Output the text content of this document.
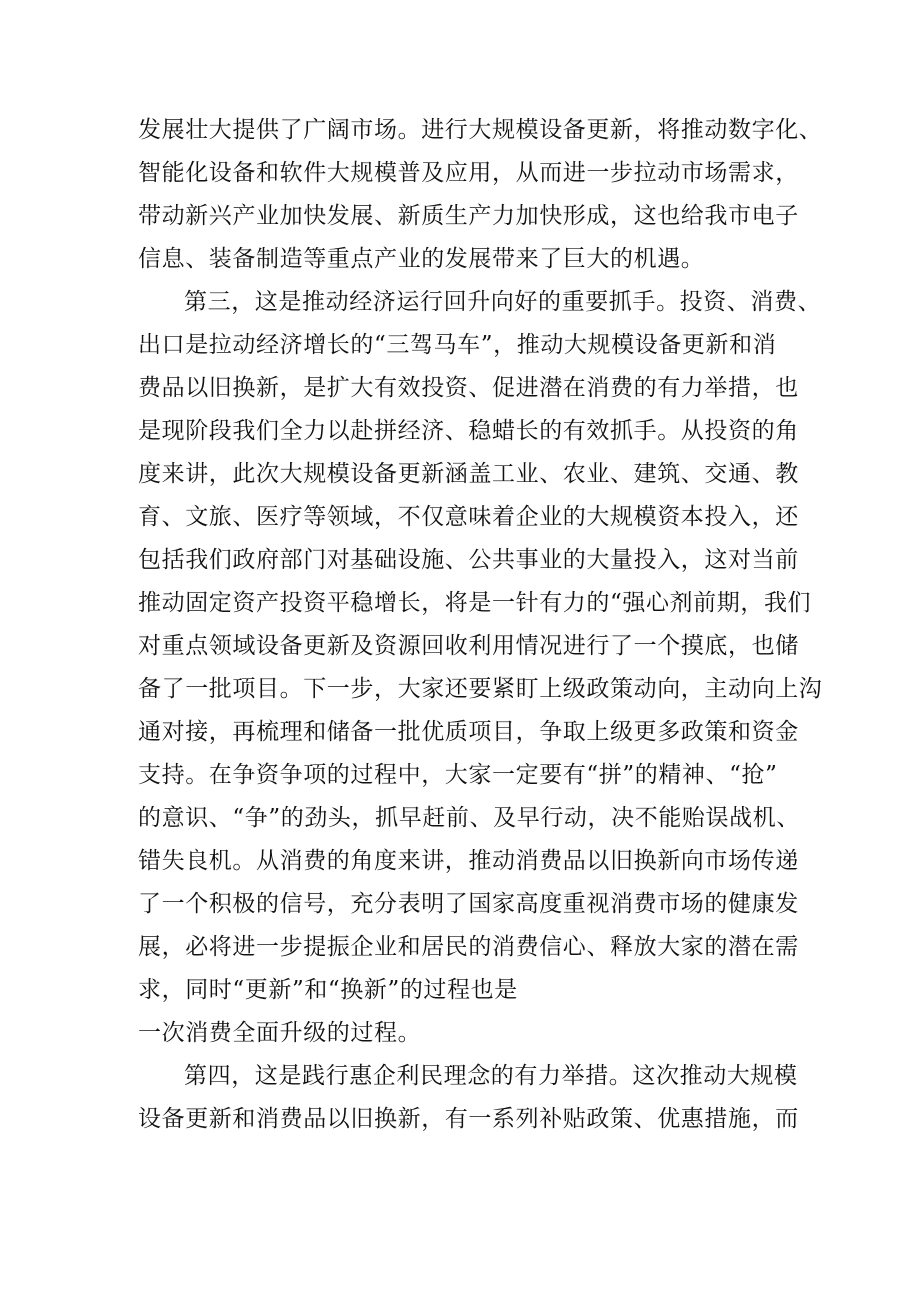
发展壮大提供了广阔市场。进行大规模设备更新，将推动数字化、
智能化设备和软件大规模普及应用，从而进一步拉动市场需求，
带动新兴产业加快发展、新质生产力加快形成，这也给我市电子
信息、装备制造等重点产业的发展带来了巨大的机遇。
第三，这是推动经济运行回升向好的重要抓手。投资、消费、
出口是拉动经济增长的“三驾马车”，推动大规模设备更新和消
费品以旧换新，是扩大有效投资、促进潜在消费的有力举措，也
是现阶段我们全力以赴拼经济、稳蜡长的有效抓手。从投资的角
度来讲，此次大规模设备更新涵盖工业、农业、建筑、交通、教
育、文旅、医疗等领域，不仅意味着企业的大规模资本投入，还
包括我们政府部门对基础设施、公共事业的大量投入，这对当前
推动固定资产投资平稳增长，将是一针有力的“强心剂前期，我们
对重点领域设备更新及资源回收利用情况进行了一个摸底，也储
备了一批项目。下一步，大家还要紧盯上级政策动向，主动向上沟
通对接，再梳理和储备一批优质项目，争取上级更多政策和资金
支持。在争资争项的过程中，大家一定要有“拼”的精神、“抢”
的意识、“争”的劲头，抓早赶前、及早行动，决不能贻误战机、
错失良机。从消费的角度来讲，推动消费品以旧换新向市场传递
了一个积极的信号，充分表明了国家高度重视消费市场的健康发
展，必将进一步提振企业和居民的消费信心、释放大家的潜在需
求，同时“更新”和“换新”的过程也是
一次消费全面升级的过程。
第四，这是践行惠企利民理念的有力举措。这次推动大规模
设备更新和消费品以旧换新，有一系列补贴政策、优惠措施，而
